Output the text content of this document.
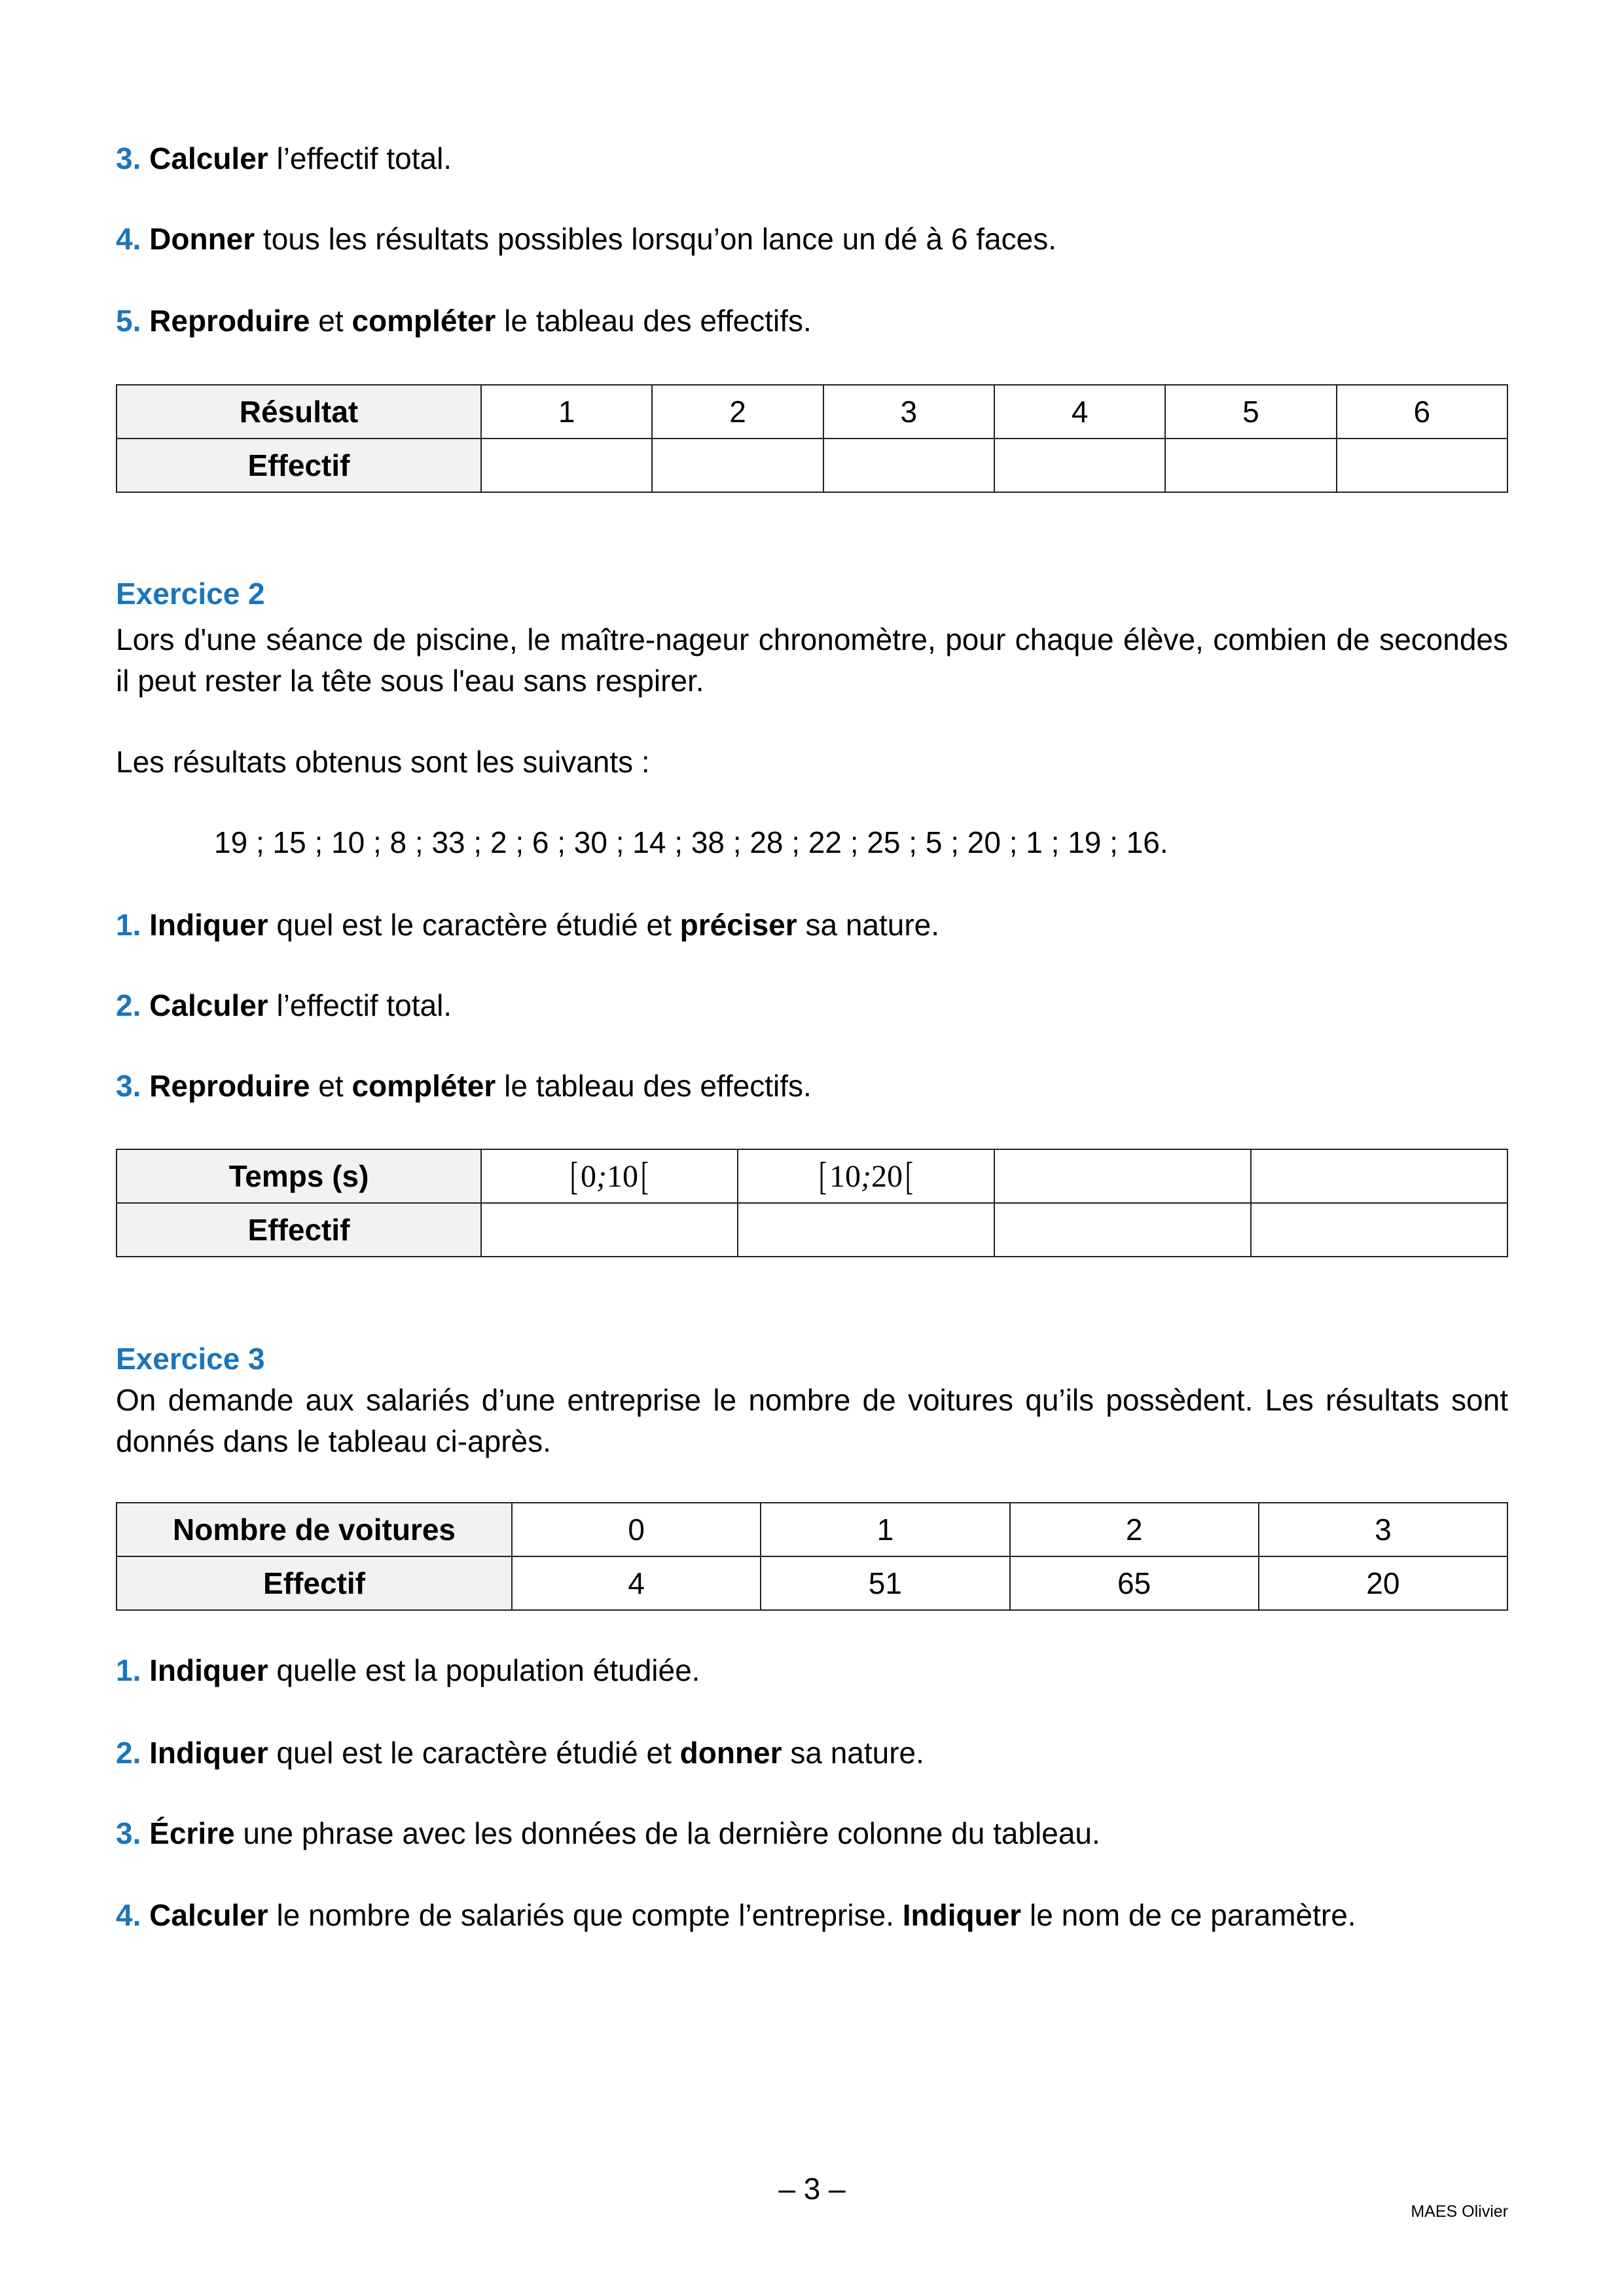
3. Calculer l’effectif total.
4. Donner tous les résultats possibles lorsqu’on lance un dé à 6 faces.
5. Reproduire et compléter le tableau des effectifs.
Résultat	1	2	3	4	5	6
Effectif						
Exercice 2
Lors d'une séance de piscine, le maître-nageur chronomètre, pour chaque élève, combien de secondes il peut rester la tête sous l'eau sans respirer.
Les résultats obtenus sont les suivants :
19 ; 15 ; 10 ; 8 ; 33 ; 2 ; 6 ; 30 ; 14 ; 38 ; 28 ; 22 ; 25 ; 5 ; 20 ; 1 ; 19 ; 16.
1. Indiquer quel est le caractère étudié et préciser sa nature.
2. Calculer l’effectif total.
3. Reproduire et compléter le tableau des effectifs.
Temps (s)	[0;10[	[10;20[		
Effectif				
Exercice 3
On demande aux salariés d’une entreprise le nombre de voitures qu’ils possèdent. Les résultats sont donnés dans le tableau ci-après.
Nombre de voitures	0	1	2	3
Effectif	4	51	65	20
1. Indiquer quelle est la population étudiée.
2. Indiquer quel est le caractère étudié et donner sa nature.
3. Écrire une phrase avec les données de la dernière colonne du tableau.
4. Calculer le nombre de salariés que compte l’entreprise. Indiquer le nom de ce paramètre.
– 3 –
MAES Olivier
